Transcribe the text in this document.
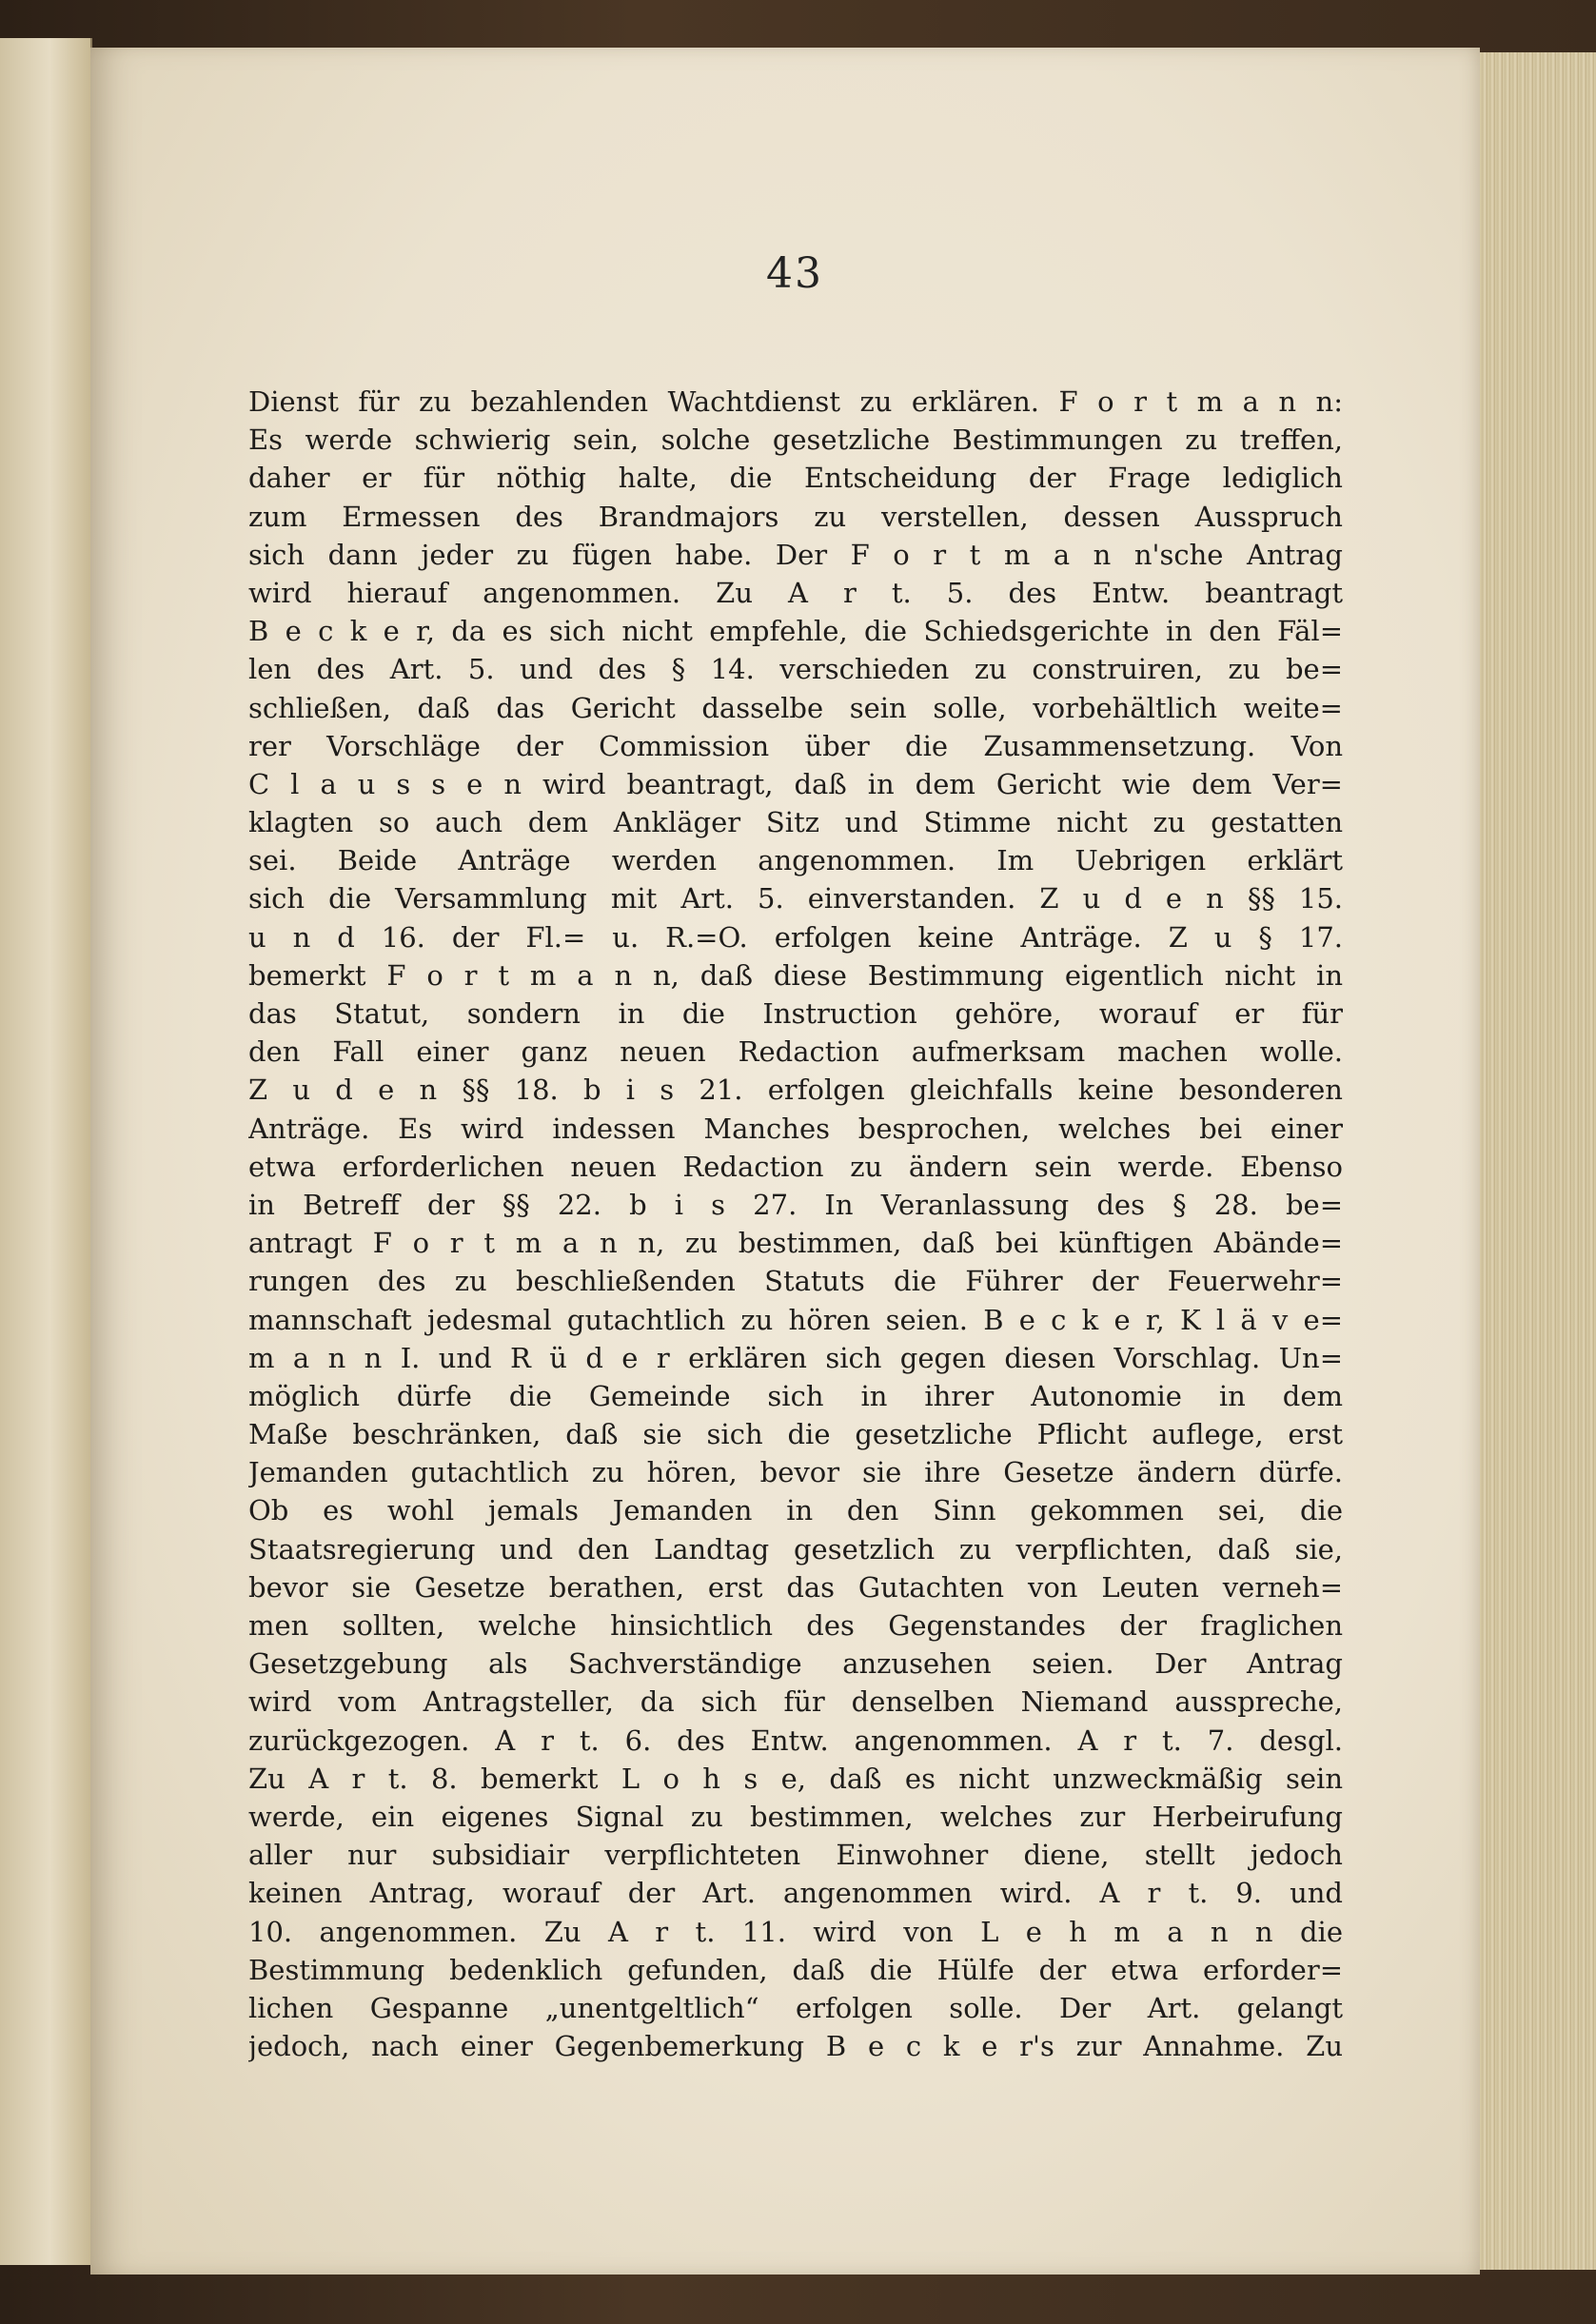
43
Dienst für zu bezahlenden Wachtdienst zu erklären. F o r t m a n n:
Es werde schwierig sein, solche gesetzliche Bestimmungen zu treffen,
daher er für nöthig halte, die Entscheidung der Frage lediglich
zum Ermessen des Brandmajors zu verstellen, dessen Ausspruch
sich dann jeder zu fügen habe. Der F o r t m a n n'sche Antrag
wird hierauf angenommen. Zu A r t. 5. des Entw. beantragt
B e c k e r, da es sich nicht empfehle, die Schiedsgerichte in den Fäl=
len des Art. 5. und des § 14. verschieden zu construiren, zu be=
schließen, daß das Gericht dasselbe sein solle, vorbehältlich weite=
rer Vorschläge der Commission über die Zusammensetzung. Von
C l a u s s e n wird beantragt, daß in dem Gericht wie dem Ver=
klagten so auch dem Ankläger Sitz und Stimme nicht zu gestatten
sei. Beide Anträge werden angenommen. Im Uebrigen erklärt
sich die Versammlung mit Art. 5. einverstanden. Z u d e n §§ 15.
u n d 16. der Fl.= u. R.=O. erfolgen keine Anträge. Z u § 17.
bemerkt F o r t m a n n, daß diese Bestimmung eigentlich nicht in
das Statut, sondern in die Instruction gehöre, worauf er für
den Fall einer ganz neuen Redaction aufmerksam machen wolle.
Z u d e n §§ 18. b i s 21. erfolgen gleichfalls keine besonderen
Anträge. Es wird indessen Manches besprochen, welches bei einer
etwa erforderlichen neuen Redaction zu ändern sein werde. Ebenso
in Betreff der §§ 22. b i s 27. In Veranlassung des § 28. be=
antragt F o r t m a n n, zu bestimmen, daß bei künftigen Abände=
rungen des zu beschließenden Statuts die Führer der Feuerwehr=
mannschaft jedesmal gutachtlich zu hören seien. B e c k e r, K l ä v e=
m a n n I. und R ü d e r erklären sich gegen diesen Vorschlag. Un=
möglich dürfe die Gemeinde sich in ihrer Autonomie in dem
Maße beschränken, daß sie sich die gesetzliche Pflicht auflege, erst
Jemanden gutachtlich zu hören, bevor sie ihre Gesetze ändern dürfe.
Ob es wohl jemals Jemanden in den Sinn gekommen sei, die
Staatsregierung und den Landtag gesetzlich zu verpflichten, daß sie,
bevor sie Gesetze berathen, erst das Gutachten von Leuten verneh=
men sollten, welche hinsichtlich des Gegenstandes der fraglichen
Gesetzgebung als Sachverständige anzusehen seien. Der Antrag
wird vom Antragsteller, da sich für denselben Niemand ausspreche,
zurückgezogen. A r t. 6. des Entw. angenommen. A r t. 7. desgl.
Zu A r t. 8. bemerkt L o h s e, daß es nicht unzweckmäßig sein
werde, ein eigenes Signal zu bestimmen, welches zur Herbeirufung
aller nur subsidiair verpflichteten Einwohner diene, stellt jedoch
keinen Antrag, worauf der Art. angenommen wird. A r t. 9. und
10. angenommen. Zu A r t. 11. wird von L e h m a n n die
Bestimmung bedenklich gefunden, daß die Hülfe der etwa erforder=
lichen Gespanne „unentgeltlich“ erfolgen solle. Der Art. gelangt
jedoch, nach einer Gegenbemerkung B e c k e r's zur Annahme. Zu
